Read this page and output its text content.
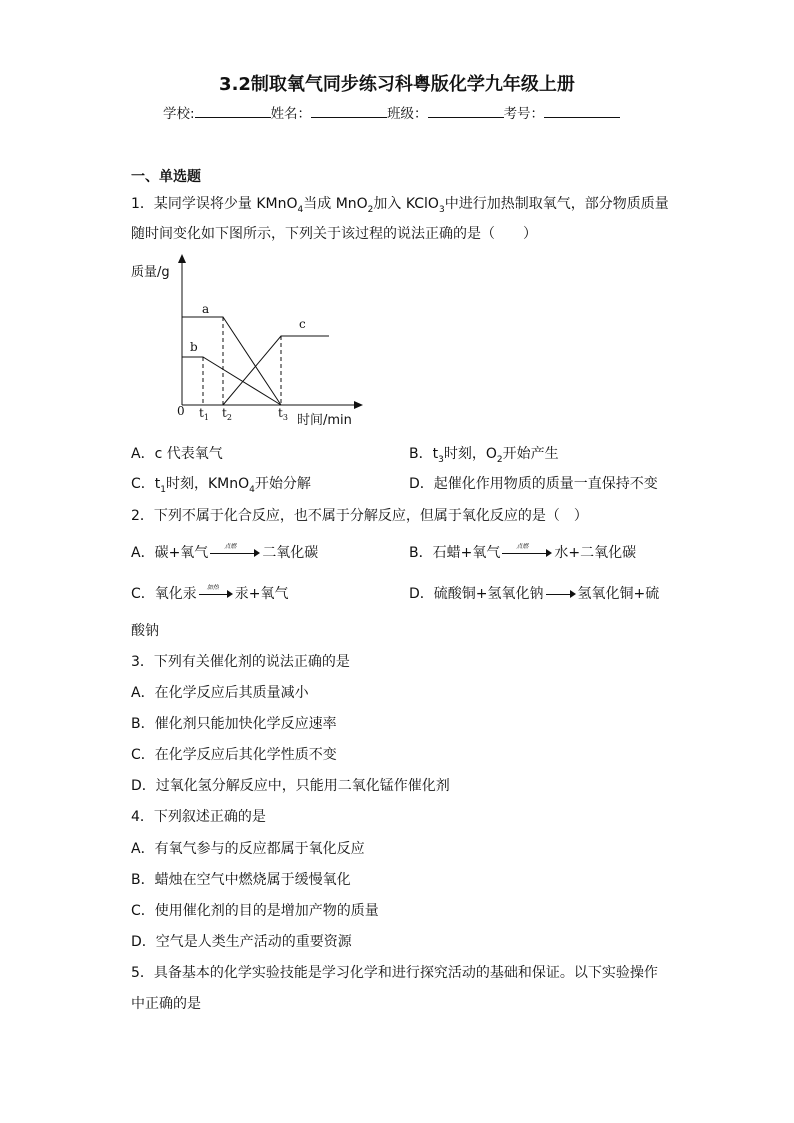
3.2制取氧气同步练习科粤版化学九年级上册
学校:	姓名：	班级：	考号：
一、单选题
1．某同学误将少量 KMnO$_4$当成 MnO$_2$加入 KClO$_3$中进行加热制取氧气，部分物质质量
随时间变化如下图所示，下列关于该过程的说法正确的是（　　）
质量/g
时间/min
0 $t_1$ $t_2$	$t_3$
a
b
c
A．c 代表氧气	B．$t_3$时刻，$O_2$开始产生
C．$t_1$时刻，KMnO$_4$开始分解	D．起催化作用物质的质量一直保持不变
2．下列不属于化合反应，也不属于分解反应，但属于氧化反应的是（　）
A．碳+氧气	点燃 二氧化碳	B．石蜡+氧气	点燃 水+二氧化碳
C．氧化汞 加热 汞+氧气	D．硫酸铜+氢氧化钠 氢氧化铜+硫
酸钠
3．下列有关催化剂的说法正确的是
A．在化学反应后其质量减小
B．催化剂只能加快化学反应速率
C．在化学反应后其化学性质不变
D．过氧化氢分解反应中，只能用二氧化锰作催化剂
4．下列叙述正确的是
A．有氧气参与的反应都属于氧化反应
B．蜡烛在空气中燃烧属于缓慢氧化
C．使用催化剂的目的是增加产物的质量
D．空气是人类生产活动的重要资源
5．具备基本的化学实验技能是学习化学和进行探究活动的基础和保证。以下实验操作
中正确的是
